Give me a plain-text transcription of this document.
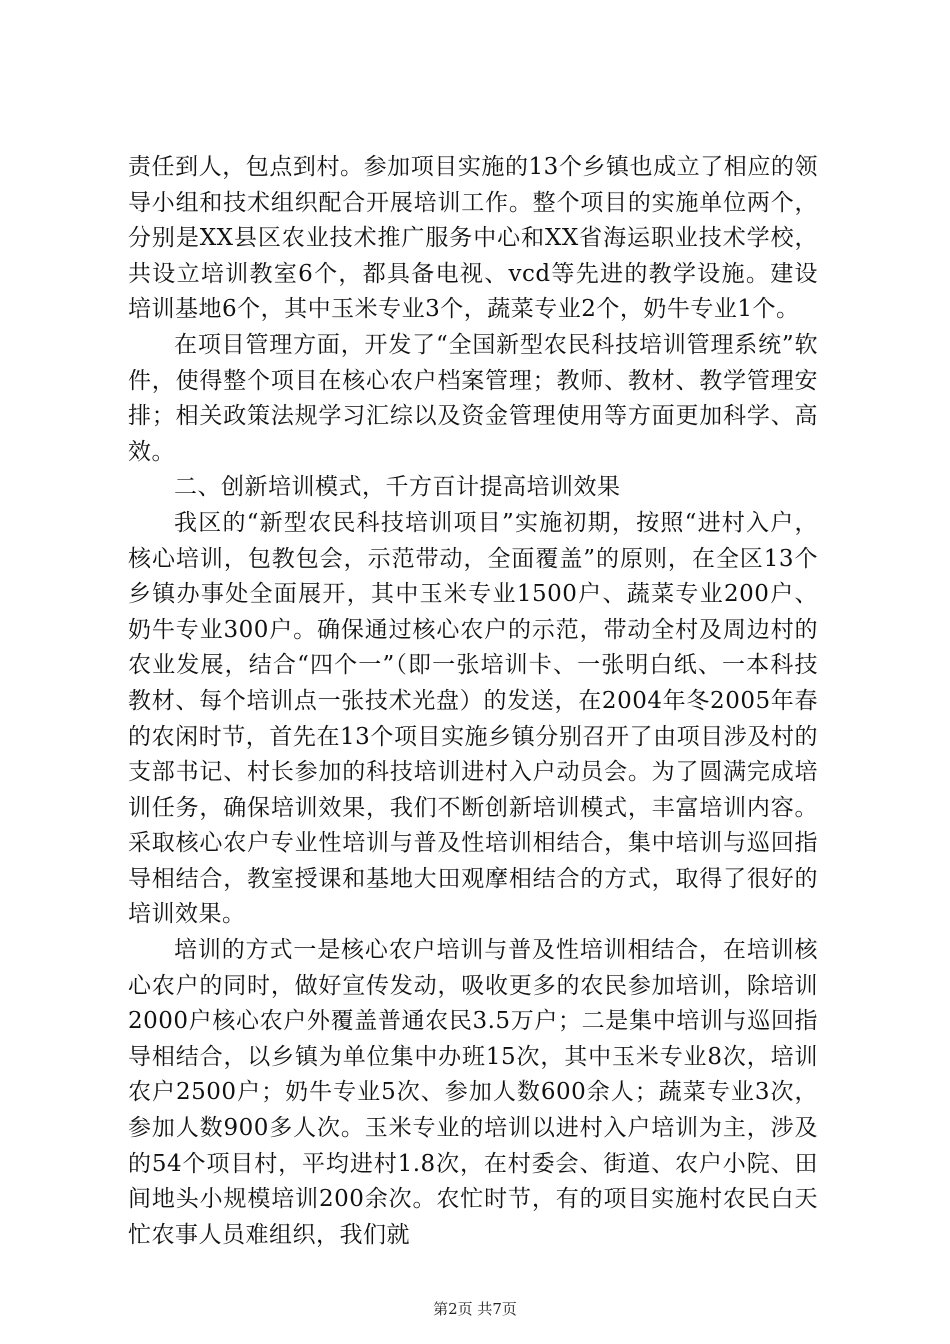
责任到人，包点到村。参加项目实施的13个乡镇也成立了相应的领导小组和技术组织配合开展培训工作。整个项目的实施单位两个，分别是XX县区农业技术推广服务中心和XX省海运职业技术学校，共设立培训教室6个，都具备电视、vcd等先进的教学设施。建设培训基地6个，其中玉米专业3个，蔬菜专业2个，奶牛专业1个。

在项目管理方面，开发了“全国新型农民科技培训管理系统”软件，使得整个项目在核心农户档案管理；教师、教材、教学管理安排；相关政策法规学习汇综以及资金管理使用等方面更加科学、高效。

二、创新培训模式，千方百计提高培训效果

我区的“新型农民科技培训项目”实施初期，按照“进村入户，核心培训，包教包会，示范带动，全面覆盖”的原则，在全区13个乡镇办事处全面展开，其中玉米专业1500户、蔬菜专业200户、奶牛专业300户。确保通过核心农户的示范，带动全村及周边村的农业发展，结合“四个一”（即一张培训卡、一张明白纸、一本科技教材、每个培训点一张技术光盘）的发送，在2004年冬2005年春的农闲时节，首先在13个项目实施乡镇分别召开了由项目涉及村的支部书记、村长参加的科技培训进村入户动员会。为了圆满完成培训任务，确保培训效果，我们不断创新培训模式，丰富培训内容。采取核心农户专业性培训与普及性培训相结合，集中培训与巡回指导相结合，教室授课和基地大田观摩相结合的方式，取得了很好的培训效果。

培训的方式一是核心农户培训与普及性培训相结合，在培训核心农户的同时，做好宣传发动，吸收更多的农民参加培训，除培训2000户核心农户外覆盖普通农民3.5万户；二是集中培训与巡回指导相结合，以乡镇为单位集中办班15次，其中玉米专业8次，培训农户2500户；奶牛专业5次、参加人数600余人；蔬菜专业3次，参加人数900多人次。玉米专业的培训以进村入户培训为主，涉及的54个项目村，平均进村1.8次，在村委会、街道、农户小院、田间地头小规模培训200余次。农忙时节，有的项目实施村农民白天忙农事人员难组织，我们就

第2页 共7页
